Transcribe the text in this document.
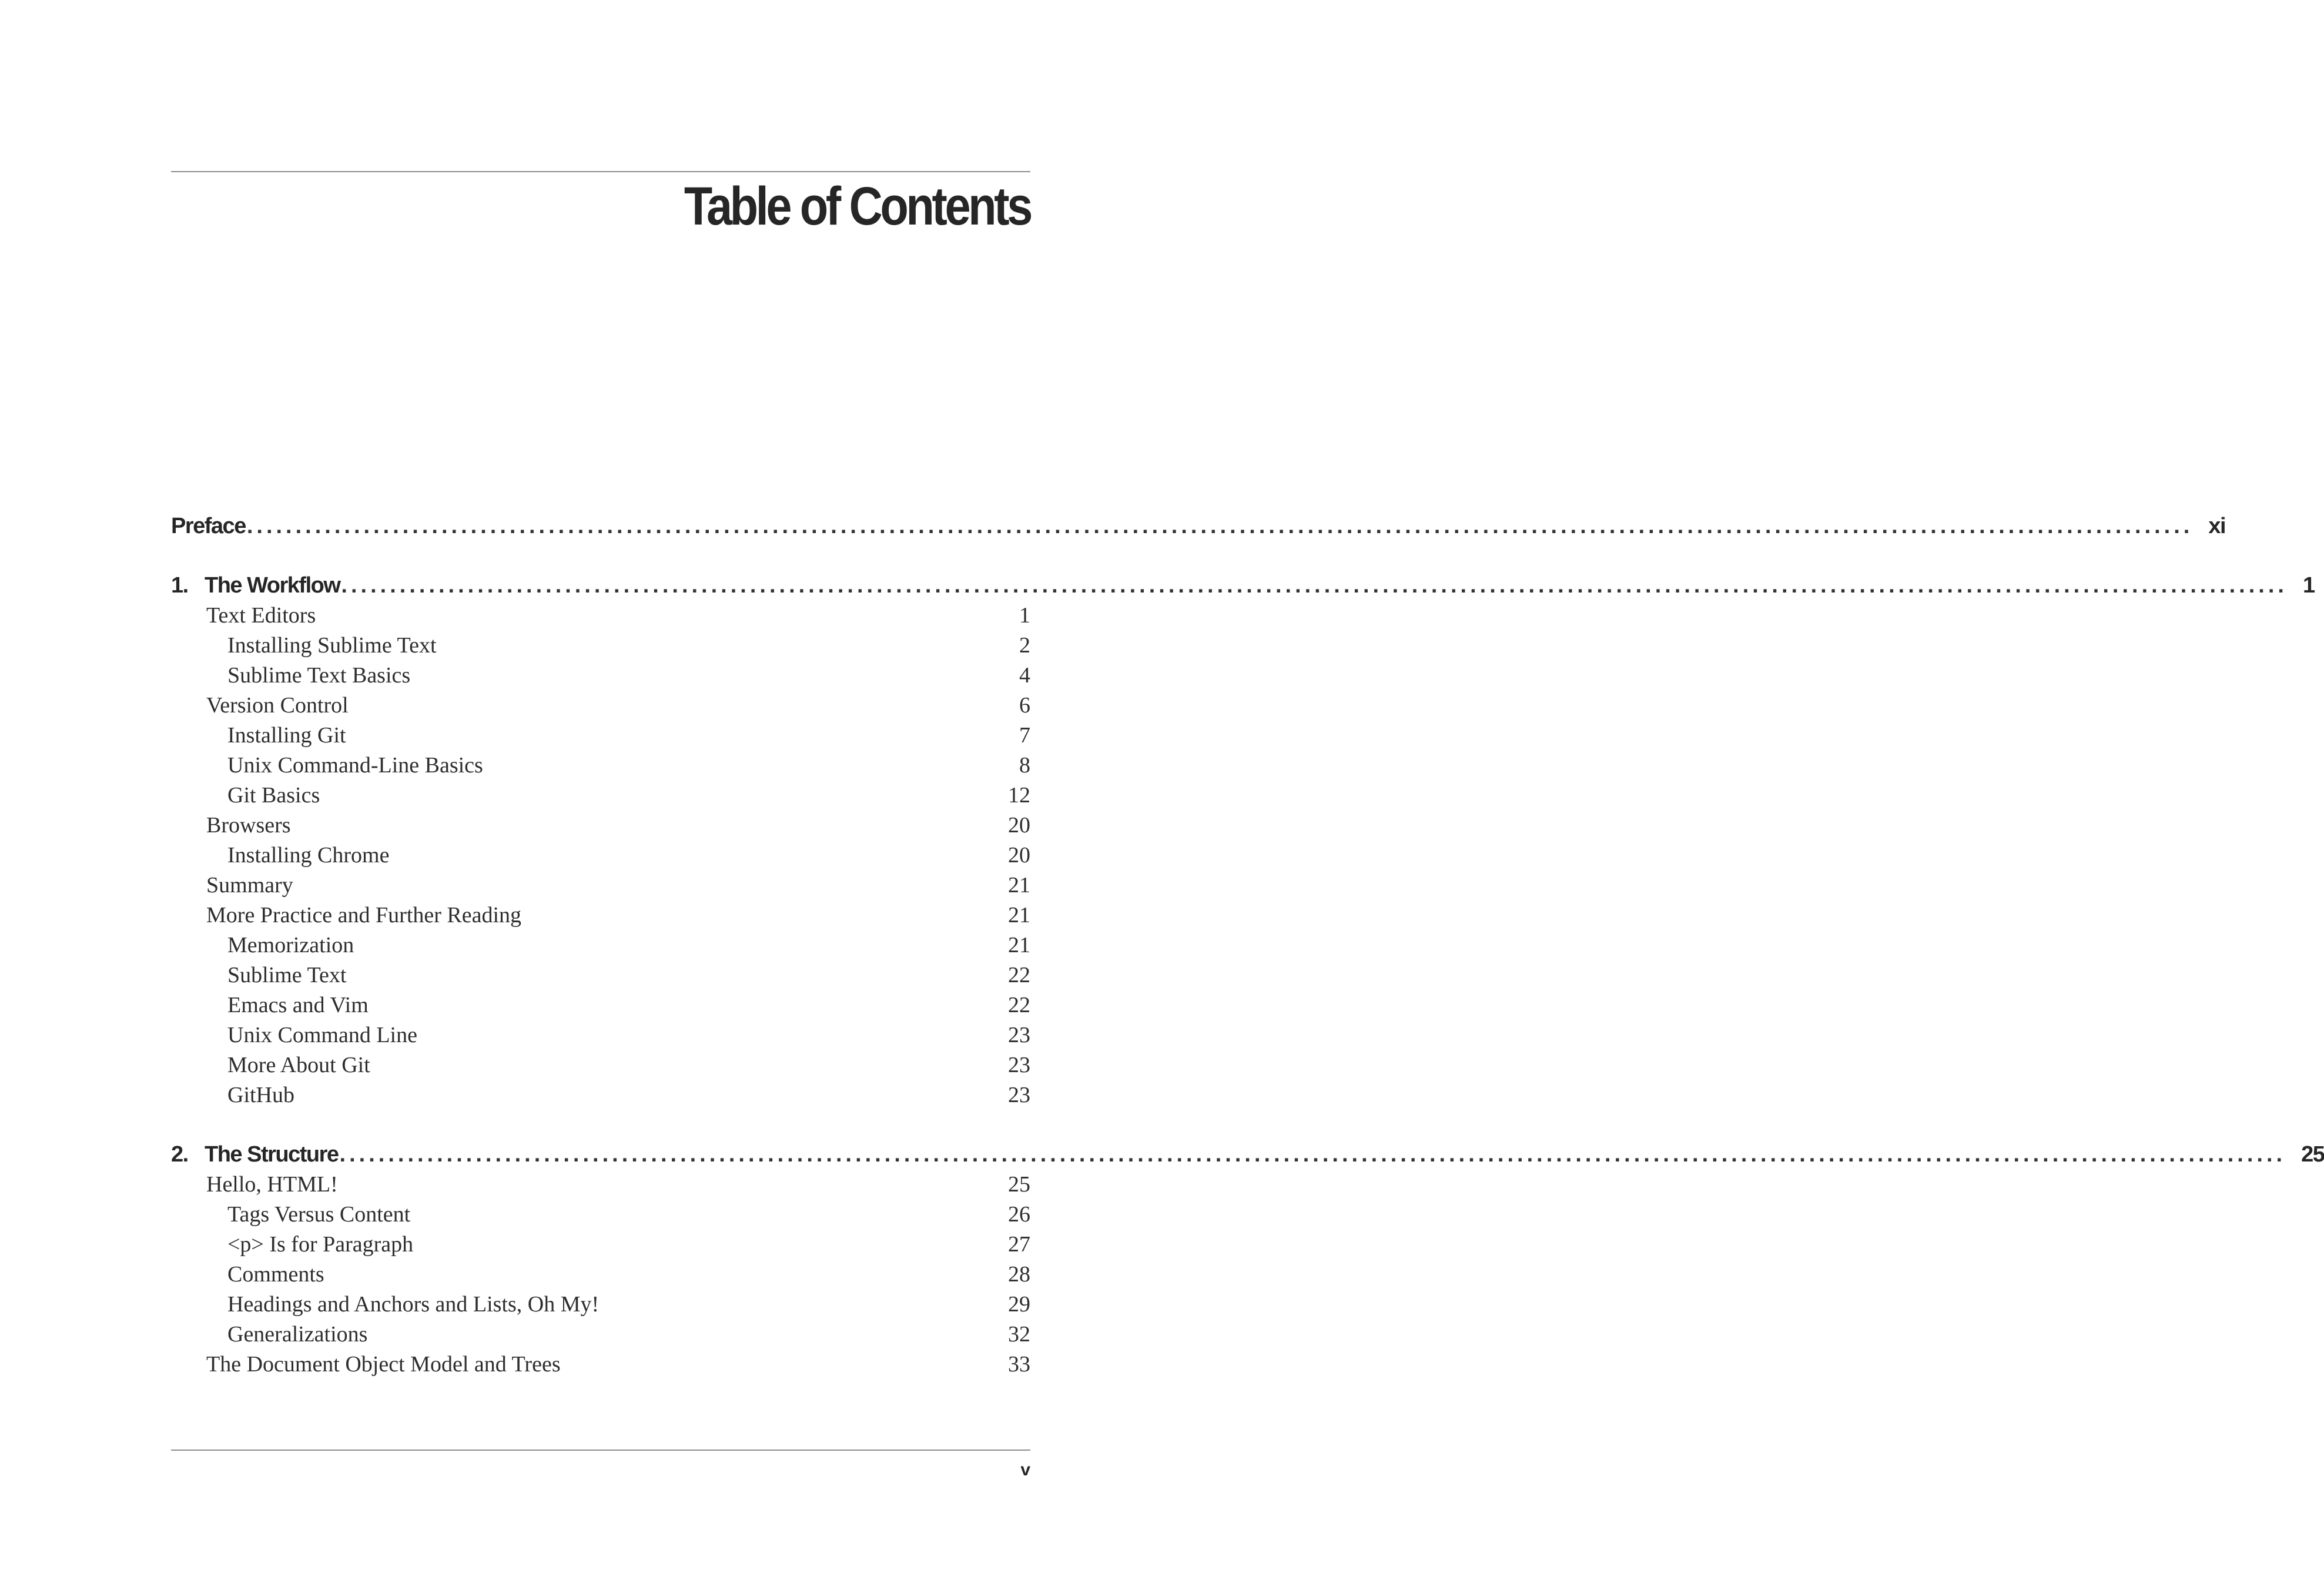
Table of Contents
Preface ........................................................................................................................................................................................................ xi
1. The Workflow ........................................................................................................................................................................................................ 1
Text Editors	1
Installing Sublime Text	2
Sublime Text Basics	4
Version Control	6
Installing Git	7
Unix Command-Line Basics	8
Git Basics	12
Browsers	20
Installing Chrome	20
Summary	21
More Practice and Further Reading	21
Memorization	21
Sublime Text	22
Emacs and Vim	22
Unix Command Line	23
More About Git	23
GitHub	23
2. The Structure ........................................................................................................................................................................................................ 25
Hello, HTML!	25
Tags Versus Content	26
<p> Is for Paragraph	27
Comments	28
Headings and Anchors and Lists, Oh My!	29
Generalizations	32
The Document Object Model and Trees	33
v
